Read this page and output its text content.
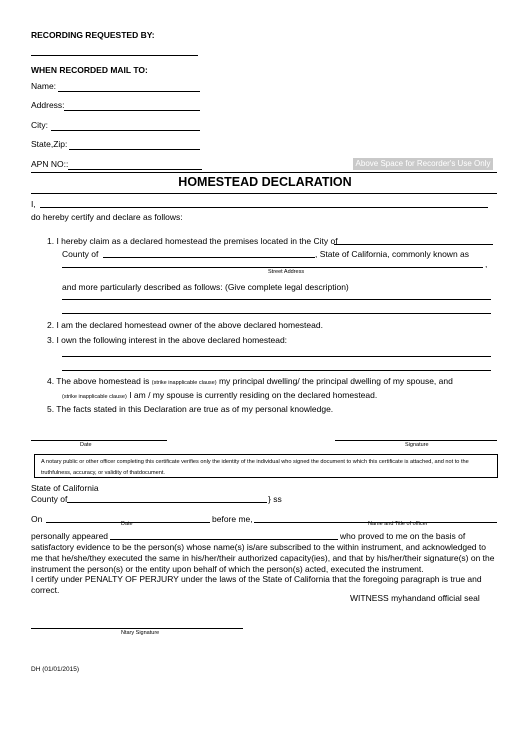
RECORDING REQUESTED BY:
WHEN RECORDED MAIL TO:
Name:
Address:
City:
State,Zip:
APN NO::	Above Space for Recorder's Use Only
HOMESTEAD DECLARATION
I,
do hereby certify and declare as follows:
1. I hereby claim as a declared homestead the premises located in the City of
County of	, State of California, commonly known as
,
Street Address
and more particularly described as follows: (Give complete legal description)
2. I am the declared homestead owner of the above declared homestead.
3. I own the following interest in the above declared homestead:
4. The above homestead is (strike inapplicable clause) my principal dwelling/ the principal dwelling of my spouse, and
(strike inapplicable clause) I am / my spouse is currently residing on the declared homestead.
5. The facts stated in this Declaration are true as of my personal knowledge.
Date	Signature
A notary public or other officer completing this certificate verifies only the identity of the individual who signed the document to which this certificate is attached, and not to the truthfulness, accuracy, or validity of thatdocument.
State of California
County of	} ss
On	Date	before me,	Name and Title of officer
personally appeared	who proved to me on the basis of
satisfactory evidence to be the person(s) whose name(s) is/are subscribed to the within instrument, and acknowledged to me that he/she/they executed the same in his/her/their authorized capacity(ies), and that by his/her/their signature(s) on the instrument the person(s) or the entity upon behalf of which the person(s) acted, executed the instrument.
I certify under PENALTY OF PERJURY under the laws of the State of California that the foregoing paragraph is true and correct.
WITNESS myhandand official seal
Ntary Signature
DH (01/01/2015)
